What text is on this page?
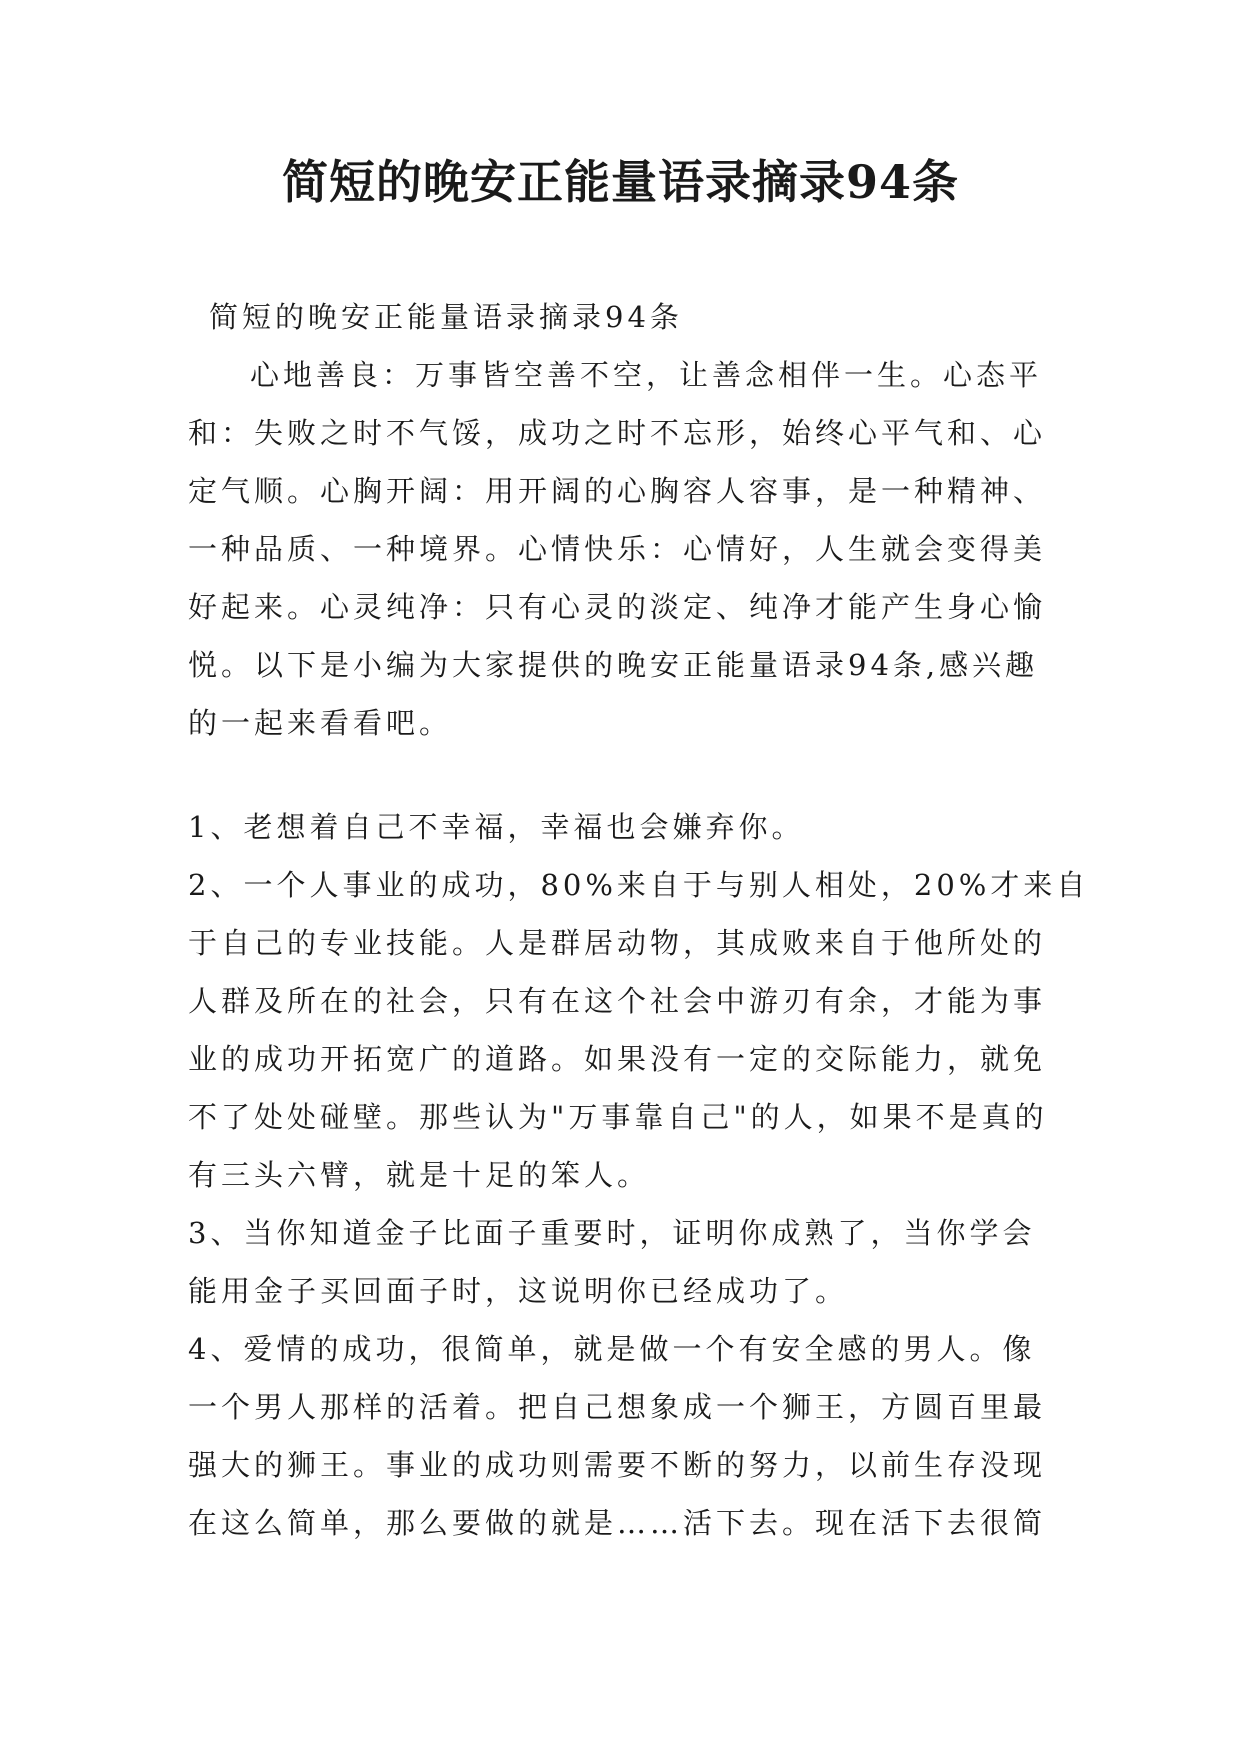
简短的晚安正能量语录摘录94条
简短的晚安正能量语录摘录94条
心地善良：万事皆空善不空，让善念相伴一生。心态平
和：失败之时不气馁，成功之时不忘形，始终心平气和、心
定气顺。心胸开阔：用开阔的心胸容人容事，是一种精神、
一种品质、一种境界。心情快乐：心情好，人生就会变得美
好起来。心灵纯净：只有心灵的淡定、纯净才能产生身心愉
悦。以下是小编为大家提供的晚安正能量语录94条,感兴趣
的一起来看看吧。
1、老想着自己不幸福，幸福也会嫌弃你。
2、一个人事业的成功，80%来自于与别人相处，20%才来自
于自己的专业技能。人是群居动物，其成败来自于他所处的
人群及所在的社会，只有在这个社会中游刃有余，才能为事
业的成功开拓宽广的道路。如果没有一定的交际能力，就免
不了处处碰壁。那些认为"万事靠自己"的人，如果不是真的
有三头六臂，就是十足的笨人。
3、当你知道金子比面子重要时，证明你成熟了，当你学会
能用金子买回面子时，这说明你已经成功了。
4、爱情的成功，很简单，就是做一个有安全感的男人。像
一个男人那样的活着。把自己想象成一个狮王，方圆百里最
强大的狮王。事业的成功则需要不断的努力，以前生存没现
在这么简单，那么要做的就是……活下去。现在活下去很简
